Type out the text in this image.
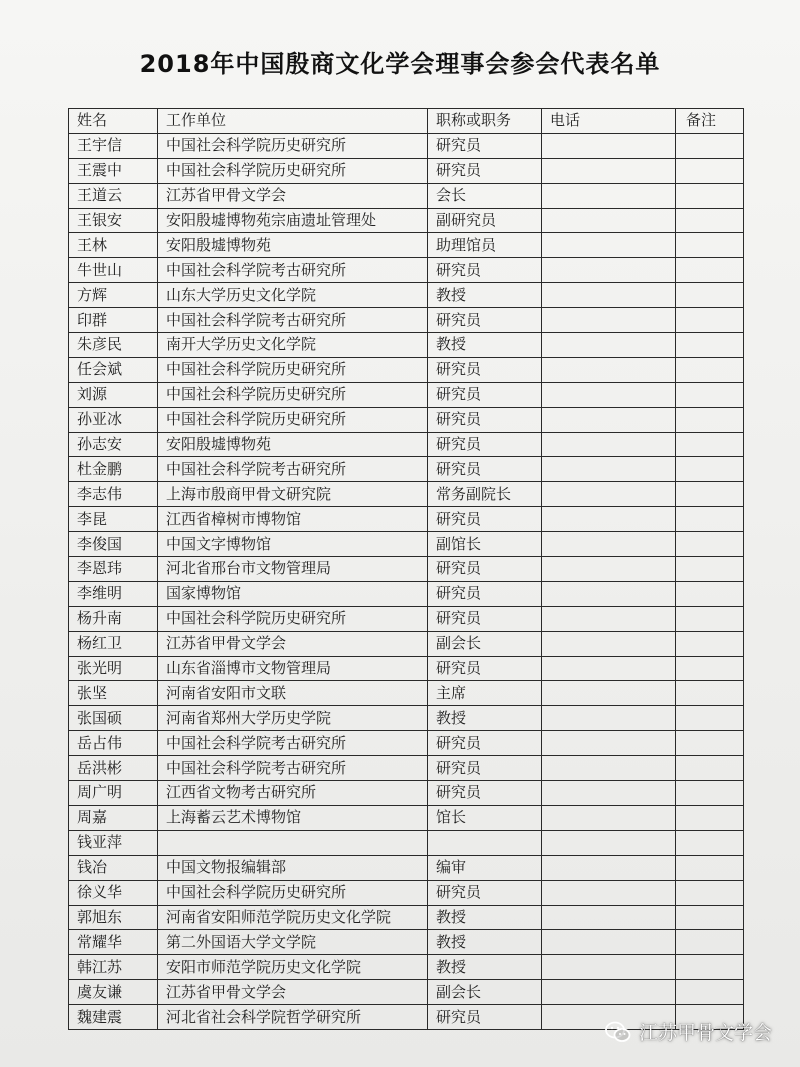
2018年中国殷商文化学会理事会参会代表名单
姓名	工作单位	职称或职务	电话	备注
王宇信	中国社会科学院历史研究所	研究员		
王震中	中国社会科学院历史研究所	研究员		
王道云	江苏省甲骨文学会	会长		
王银安	安阳殷墟博物苑宗庙遗址管理处	副研究员		
王林	安阳殷墟博物苑	助理馆员		
牛世山	中国社会科学院考古研究所	研究员		
方辉	山东大学历史文化学院	教授		
印群	中国社会科学院考古研究所	研究员		
朱彦民	南开大学历史文化学院	教授		
任会斌	中国社会科学院历史研究所	研究员		
刘源	中国社会科学院历史研究所	研究员		
孙亚冰	中国社会科学院历史研究所	研究员		
孙志安	安阳殷墟博物苑	研究员		
杜金鹏	中国社会科学院考古研究所	研究员		
李志伟	上海市殷商甲骨文研究院	常务副院长		
李昆	江西省樟树市博物馆	研究员		
李俊国	中国文字博物馆	副馆长		
李恩玮	河北省邢台市文物管理局	研究员		
李维明	国家博物馆	研究员		
杨升南	中国社会科学院历史研究所	研究员		
杨红卫	江苏省甲骨文学会	副会长		
张光明	山东省淄博市文物管理局	研究员		
张坚	河南省安阳市文联	主席		
张国硕	河南省郑州大学历史学院	教授		
岳占伟	中国社会科学院考古研究所	研究员		
岳洪彬	中国社会科学院考古研究所	研究员		
周广明	江西省文物考古研究所	研究员		
周嘉	上海蓄云艺术博物馆	馆长		
钱亚萍				
钱冶	中国文物报编辑部	编审		
徐义华	中国社会科学院历史研究所	研究员		
郭旭东	河南省安阳师范学院历史文化学院	教授		
常耀华	第二外国语大学文学院	教授		
韩江苏	安阳市师范学院历史文化学院	教授		
虞友谦	江苏省甲骨文学会	副会长		
魏建震	河北省社会科学院哲学研究所	研究员		
江苏甲骨文学会
